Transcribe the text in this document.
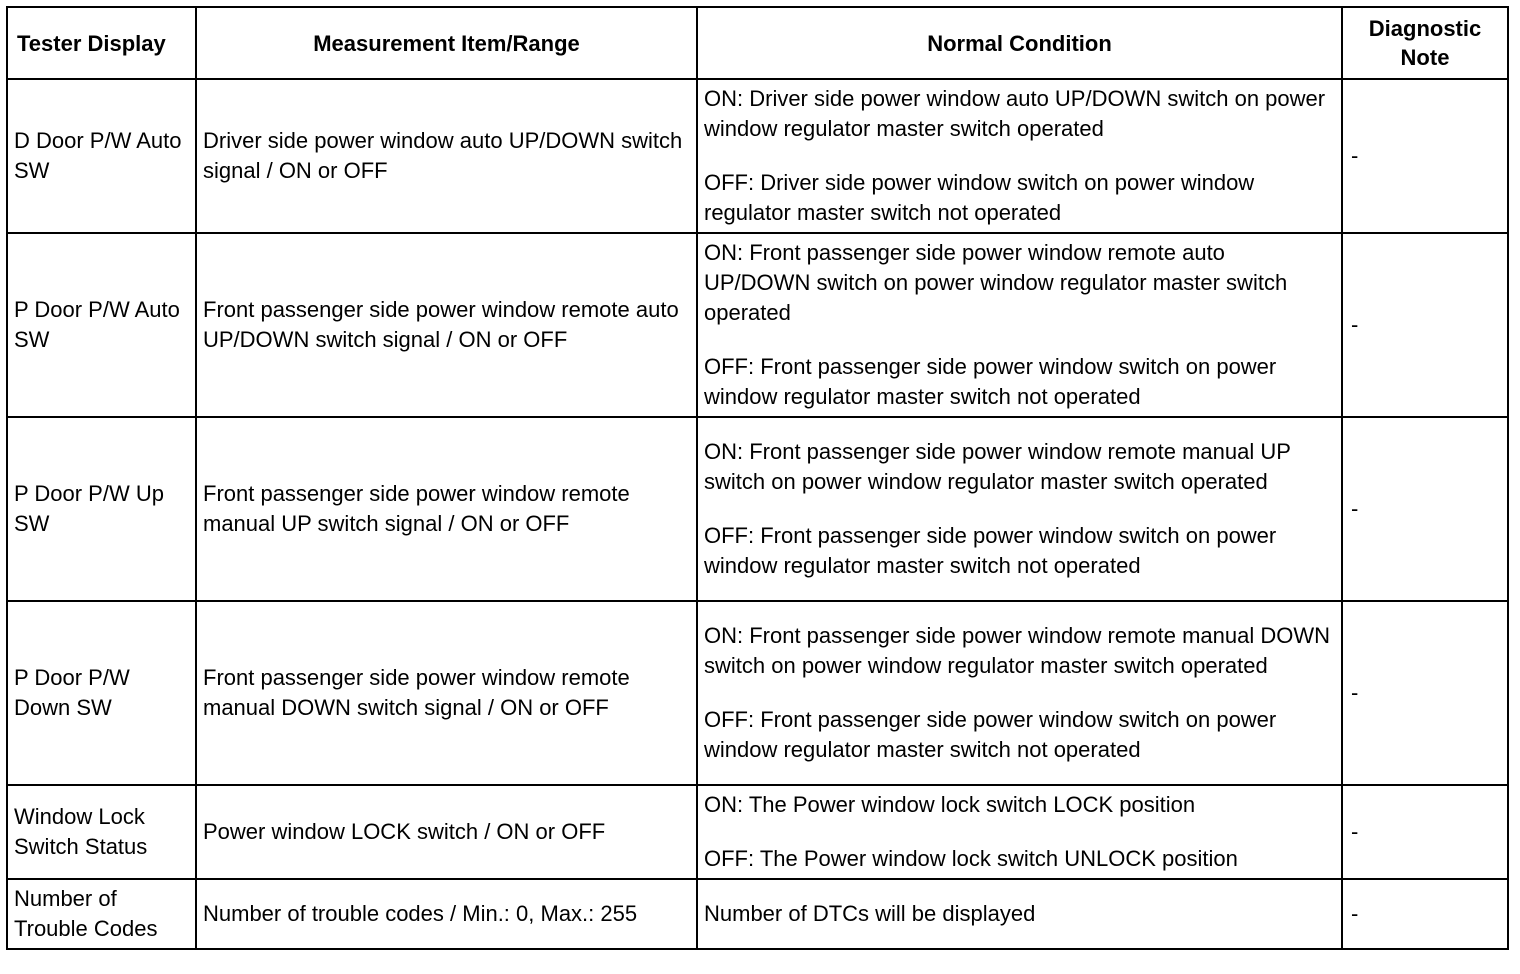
Tester Display	Measurement Item/Range	Normal Condition	Diagnostic Note
D Door P/W Auto SW	Driver side power window auto UP/DOWN switch signal / ON or OFF	ON: Driver side power window auto UP/DOWN switch on power window regulator master switch operated

OFF: Driver side power window switch on power window regulator master switch not operated	-
P Door P/W Auto SW	Front passenger side power window remote auto UP/DOWN switch signal / ON or OFF	ON: Front passenger side power window remote auto UP/DOWN switch on power window regulator master switch operated

OFF: Front passenger side power window switch on power window regulator master switch not operated	-
P Door P/W Up SW	Front passenger side power window remote manual UP switch signal / ON or OFF	ON: Front passenger side power window remote manual UP switch on power window regulator master switch operated

OFF: Front passenger side power window switch on power window regulator master switch not operated	-
P Door P/W Down SW	Front passenger side power window remote manual DOWN switch signal / ON or OFF	ON: Front passenger side power window remote manual DOWN switch on power window regulator master switch operated

OFF: Front passenger side power window switch on power window regulator master switch not operated	-
Window Lock Switch Status	Power window LOCK switch / ON or OFF	ON: The Power window lock switch LOCK position

OFF: The Power window lock switch UNLOCK position	-
Number of Trouble Codes	Number of trouble codes / Min.: 0, Max.: 255	Number of DTCs will be displayed	-
